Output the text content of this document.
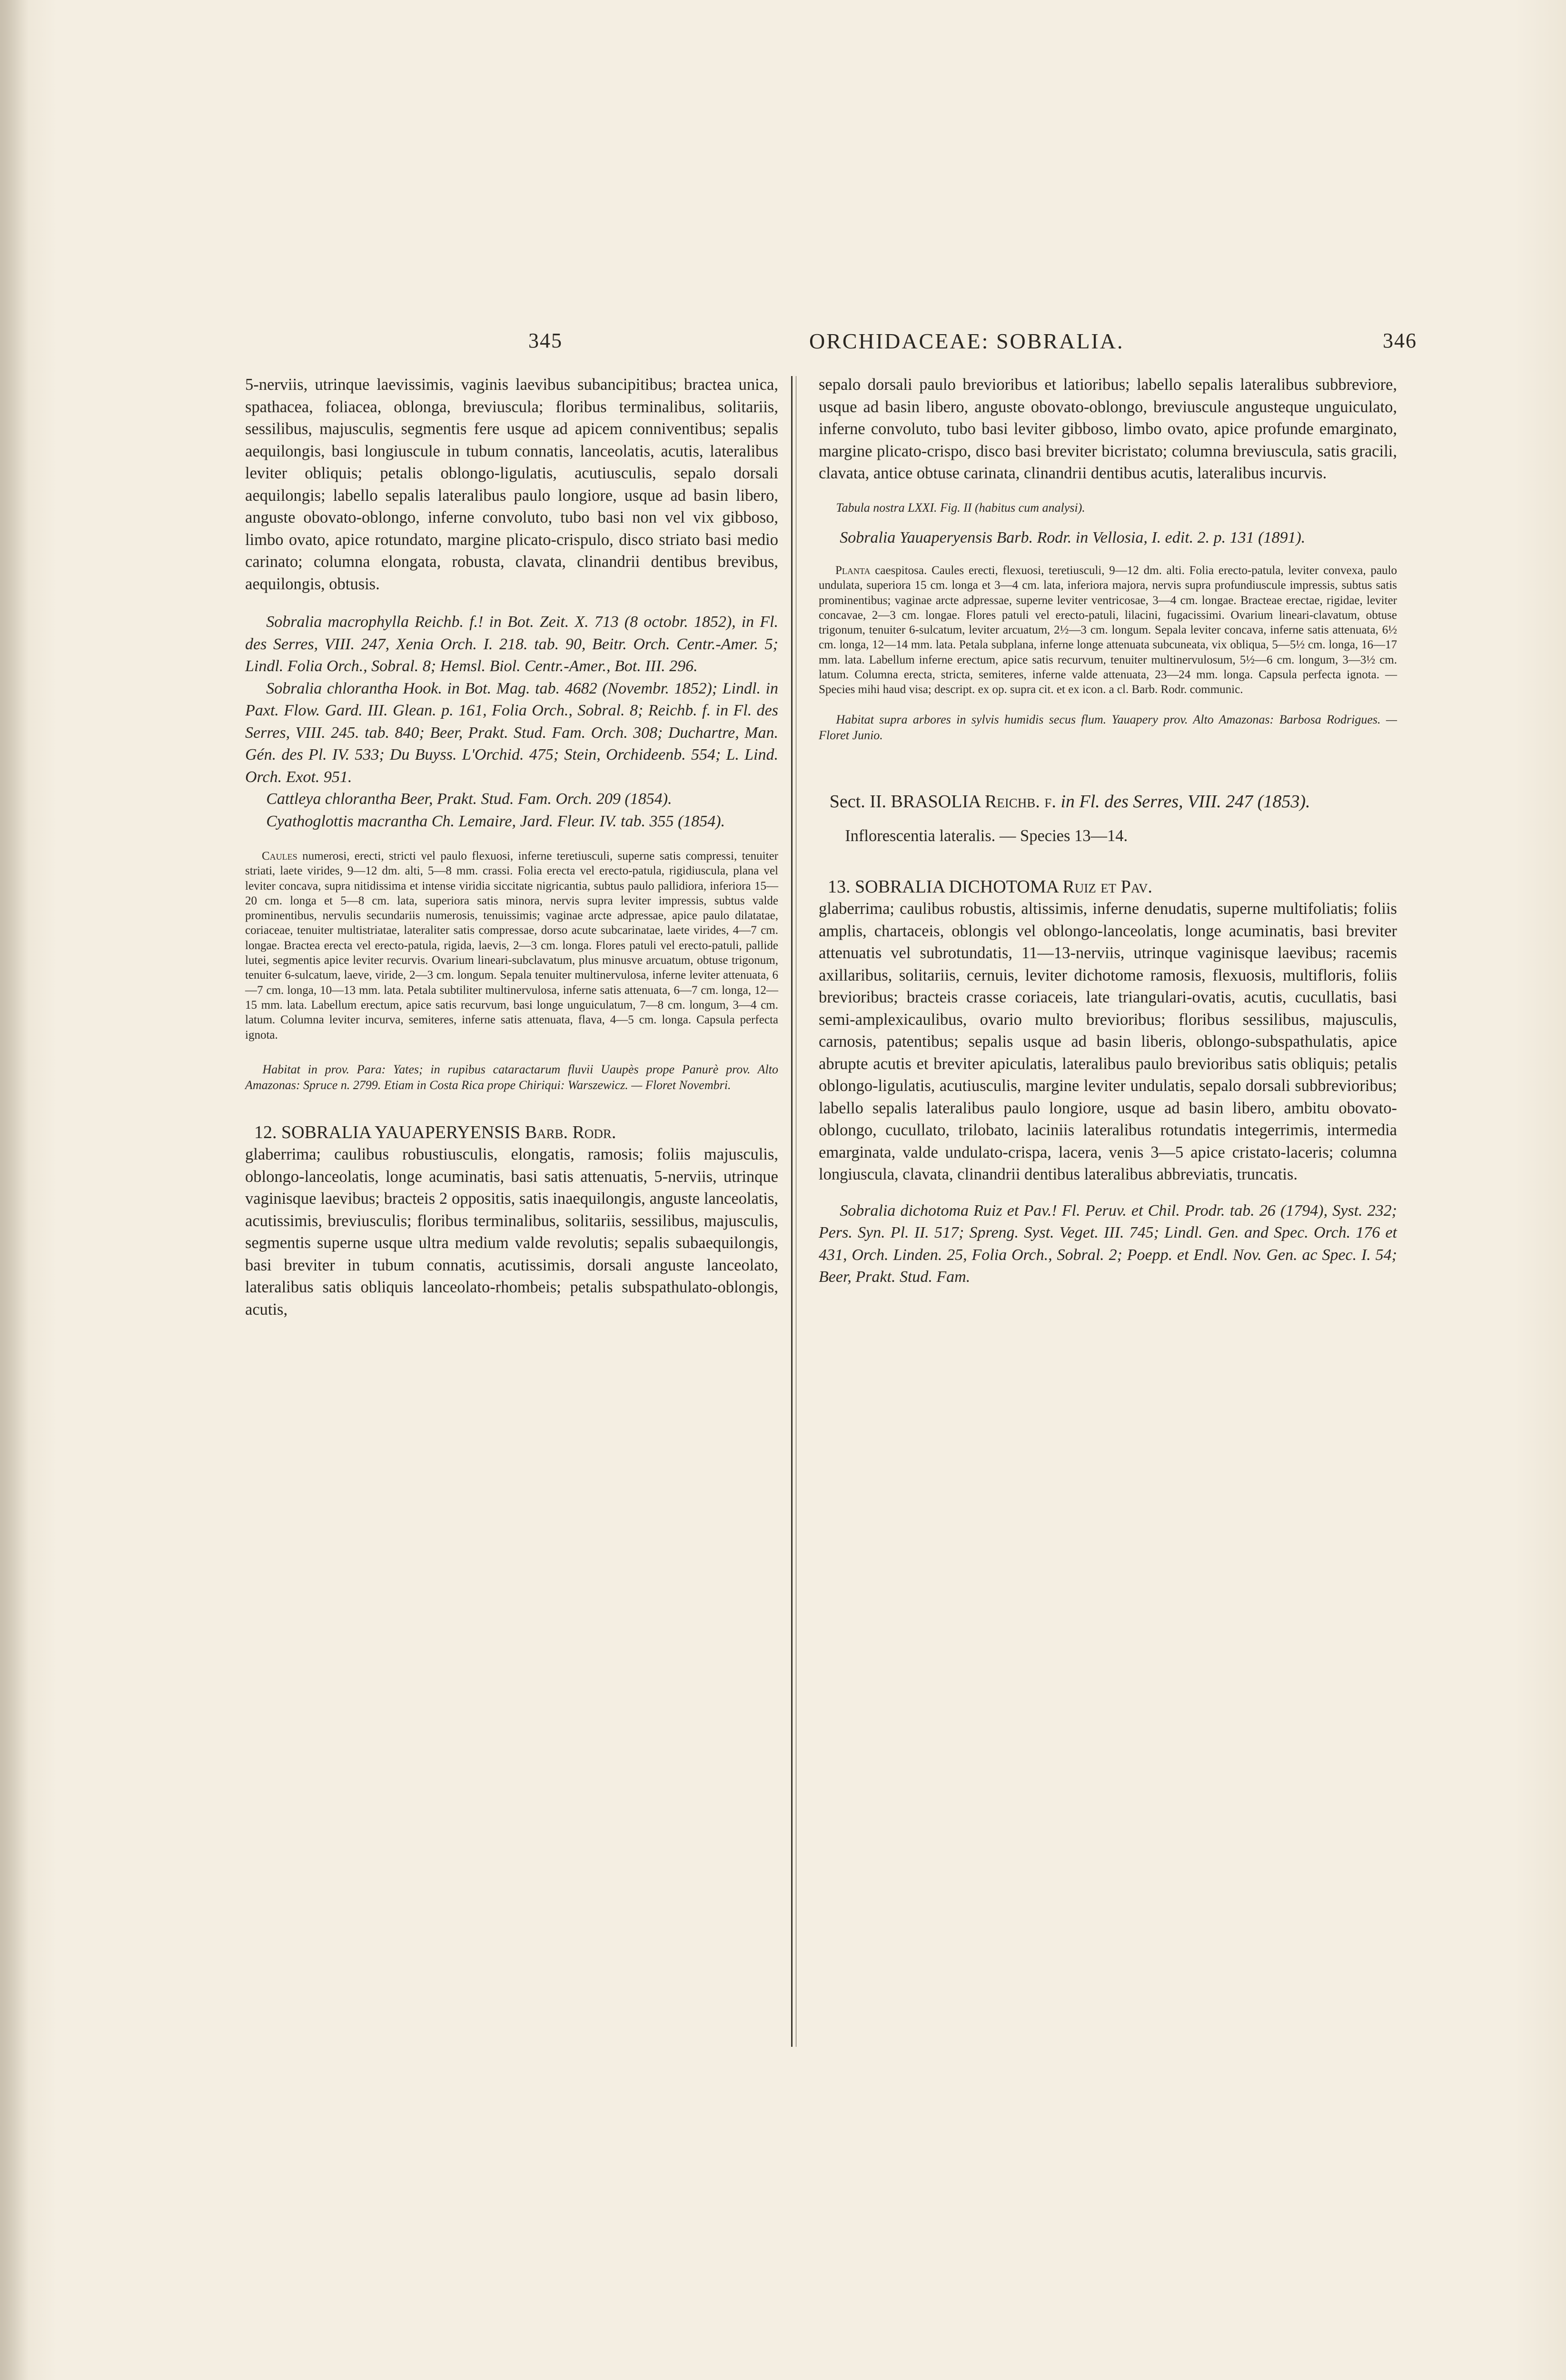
345	ORCHIDACEAE: SOBRALIA.	346

5-nerviis, utrinque laevissimis, vaginis laevibus subancipitibus; bractea unica, spathacea, foliacea, oblonga, breviuscula; floribus terminalibus, solitariis, sessilibus, majusculis, segmentis fere usque ad apicem conniventibus; sepalis aequilongis, basi longiuscule in tubum connatis, lanceolatis, acutis, lateralibus leviter obliquis; petalis oblongo-ligulatis, acutiusculis, sepalo dorsali aequilongis; labello sepalis lateralibus paulo longiore, usque ad basin libero, anguste obovato-oblongo, inferne convoluto, tubo basi non vel vix gibboso, limbo ovato, apice rotundato, margine plicato-crispulo, disco striato basi medio carinato; columna elongata, robusta, clavata, clinandrii dentibus brevibus, aequilongis, obtusis.

Sobralia macrophylla Reichb. f.! in Bot. Zeit. X. 713 (8 octobr. 1852), in Fl. des Serres, VIII. 247, Xenia Orch. I. 218. tab. 90, Beitr. Orch. Centr.-Amer. 5; Lindl. Folia Orch., Sobral. 8; Hemsl. Biol. Centr.-Amer., Bot. III. 296.

Sobralia chlorantha Hook. in Bot. Mag. tab. 4682 (Novembr. 1852); Lindl. in Paxt. Flow. Gard. III. Glean. p. 161, Folia Orch., Sobral. 8; Reichb. f. in Fl. des Serres, VIII. 245. tab. 840; Beer, Prakt. Stud. Fam. Orch. 308; Duchartre, Man. Gén. des Pl. IV. 533; Du Buyss. L'Orchid. 475; Stein, Orchideenb. 554; L. Lind. Orch. Exot. 951.

Cattleya chlorantha Beer, Prakt. Stud. Fam. Orch. 209 (1854).

Cyathoglottis macrantha Ch. Lemaire, Jard. Fleur. IV. tab. 355 (1854).

Caules numerosi, erecti, stricti vel paulo flexuosi, inferne teretiusculi, superne satis compressi, tenuiter striati, laete virides, 9—12 dm. alti, 5—8 mm. crassi. Folia erecta vel erecto-patula, rigidiuscula, plana vel leviter concava, supra nitidissima et intense viridia siccitate nigricantia, subtus paulo pallidiora, inferiora 15—20 cm. longa et 5—8 cm. lata, superiora satis minora, nervis supra leviter impressis, subtus valde prominentibus, nervulis secundariis numerosis, tenuissimis; vaginae arcte adpressae, apice paulo dilatatae, coriaceae, tenuiter multistriatae, lateraliter satis compressae, dorso acute subcarinatae, laete virides, 4—7 cm. longae. Bractea erecta vel erecto-patula, rigida, laevis, 2—3 cm. longa. Flores patuli vel erecto-patuli, pallide lutei, segmentis apice leviter recurvis. Ovarium lineari-subclavatum, plus minusve arcuatum, obtuse trigonum, tenuiter 6-sulcatum, laeve, viride, 2—3 cm. longum. Sepala tenuiter multinervulosa, inferne leviter attenuata, 6—7 cm. longa, 10—13 mm. lata. Petala subtiliter multinervulosa, inferne satis attenuata, 6—7 cm. longa, 12—15 mm. lata. Labellum erectum, apice satis recurvum, basi longe unguiculatum, 7—8 cm. longum, 3—4 cm. latum. Columna leviter incurva, semiteres, inferne satis attenuata, flava, 4—5 cm. longa. Capsula perfecta ignota.

Habitat in prov. Para: Yates; in rupibus cataractarum fluvii Uaupès prope Panurè prov. Alto Amazonas: Spruce n. 2799. Etiam in Costa Rica prope Chiriqui: Warszewicz. — Floret Novembri.

12. SOBRALIA YAUAPERYENSIS Barb. Rodr.

glaberrima; caulibus robustiusculis, elongatis, ramosis; foliis majusculis, oblongo-lanceolatis, longe acuminatis, basi satis attenuatis, 5-nerviis, utrinque vaginisque laevibus; bracteis 2 oppositis, satis inaequilongis, anguste lanceolatis, acutissimis, breviusculis; floribus terminalibus, solitariis, sessilibus, majusculis, segmentis superne usque ultra medium valde revolutis; sepalis subaequilongis, basi breviter in tubum connatis, acutissimis, dorsali anguste lanceolato, lateralibus satis obliquis lanceolato-rhombeis; petalis subspathulato-oblongis, acutis,

sepalo dorsali paulo brevioribus et latioribus; labello sepalis lateralibus subbreviore, usque ad basin libero, anguste obovato-oblongo, breviuscule angusteque unguiculato, inferne convoluto, tubo basi leviter gibboso, limbo ovato, apice profunde emarginato, margine plicato-crispo, disco basi breviter bicristato; columna breviuscula, satis gracili, clavata, antice obtuse carinata, clinandrii dentibus acutis, lateralibus incurvis.

Tabula nostra LXXI. Fig. II (habitus cum analysi).

Sobralia Yauaperyensis Barb. Rodr. in Vellosia, I. edit. 2. p. 131 (1891).

Planta caespitosa. Caules erecti, flexuosi, teretiusculi, 9—12 dm. alti. Folia erecto-patula, leviter convexa, paulo undulata, superiora 15 cm. longa et 3—4 cm. lata, inferiora majora, nervis supra profundiuscule impressis, subtus satis prominentibus; vaginae arcte adpressae, superne leviter ventricosae, 3—4 cm. longae. Bracteae erectae, rigidae, leviter concavae, 2—3 cm. longae. Flores patuli vel erecto-patuli, lilacini, fugacissimi. Ovarium lineari-clavatum, obtuse trigonum, tenuiter 6-sulcatum, leviter arcuatum, 2½—3 cm. longum. Sepala leviter concava, inferne satis attenuata, 6½ cm. longa, 12—14 mm. lata. Petala subplana, inferne longe attenuata subcuneata, vix obliqua, 5—5½ cm. longa, 16—17 mm. lata. Labellum inferne erectum, apice satis recurvum, tenuiter multinervulosum, 5½—6 cm. longum, 3—3½ cm. latum. Columna erecta, stricta, semiteres, inferne valde attenuata, 23—24 mm. longa. Capsula perfecta ignota. — Species mihi haud visa; descript. ex op. supra cit. et ex icon. a cl. Barb. Rodr. communic.

Habitat supra arbores in sylvis humidis secus flum. Yauapery prov. Alto Amazonas: Barbosa Rodrigues. — Floret Junio.

Sect. II. BRASOLIA Reichb. f. in Fl. des Serres, VIII. 247 (1853).

Inflorescentia lateralis. — Species 13—14.

13. SOBRALIA DICHOTOMA Ruiz et Pav.

glaberrima; caulibus robustis, altissimis, inferne denudatis, superne multifoliatis; foliis amplis, chartaceis, oblongis vel oblongo-lanceolatis, longe acuminatis, basi breviter attenuatis vel subrotundatis, 11—13-nerviis, utrinque vaginisque laevibus; racemis axillaribus, solitariis, cernuis, leviter dichotome ramosis, flexuosis, multifloris, foliis brevioribus; bracteis crasse coriaceis, late triangulari-ovatis, acutis, cucullatis, basi semi-amplexicaulibus, ovario multo brevioribus; floribus sessilibus, majusculis, carnosis, patentibus; sepalis usque ad basin liberis, oblongo-subspathulatis, apice abrupte acutis et breviter apiculatis, lateralibus paulo brevioribus satis obliquis; petalis oblongo-ligulatis, acutiusculis, margine leviter undulatis, sepalo dorsali subbrevioribus; labello sepalis lateralibus paulo longiore, usque ad basin libero, ambitu obovato-oblongo, cucullato, trilobato, laciniis lateralibus rotundatis integerrimis, intermedia emarginata, valde undulato-crispa, lacera, venis 3—5 apice cristato-laceris; columna longiuscula, clavata, clinandrii dentibus lateralibus abbreviatis, truncatis.

Sobralia dichotoma Ruiz et Pav.! Fl. Peruv. et Chil. Prodr. tab. 26 (1794), Syst. 232; Pers. Syn. Pl. II. 517; Spreng. Syst. Veget. III. 745; Lindl. Gen. and Spec. Orch. 176 et 431, Orch. Linden. 25, Folia Orch., Sobral. 2; Poepp. et Endl. Nov. Gen. ac Spec. I. 54; Beer, Prakt. Stud. Fam.
